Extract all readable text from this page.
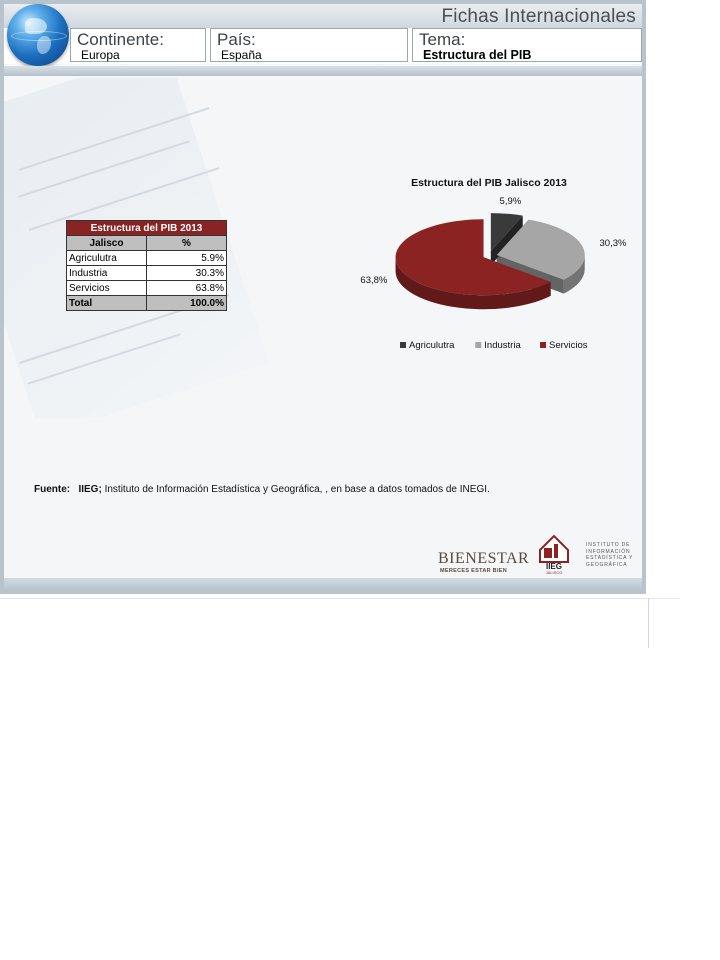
Fichas Internacionales
Continente:
Europa
País:
España
Tema:
Estructura del PIB
Estructura del PIB 2013	
Jalisco	%
Agriculutra	5.9%
Industria	30.3%
Servicios	63.8%
Total	100.0%
Estructura del PIB Jalisco 2013
5,9%
30,3%
63,8%
Agriculutra	Industria	Servicios
Fuente: IIEG; Instituto de Información Estadística y Geográfica, , en base a datos tomados de INEGI.
BIENESTAR
MERECES ESTAR BIEN	IIEG
JALISCO
INSTITUTO DE INFORMACIÓN ESTADÍSTICA Y GEOGRÁFICA
